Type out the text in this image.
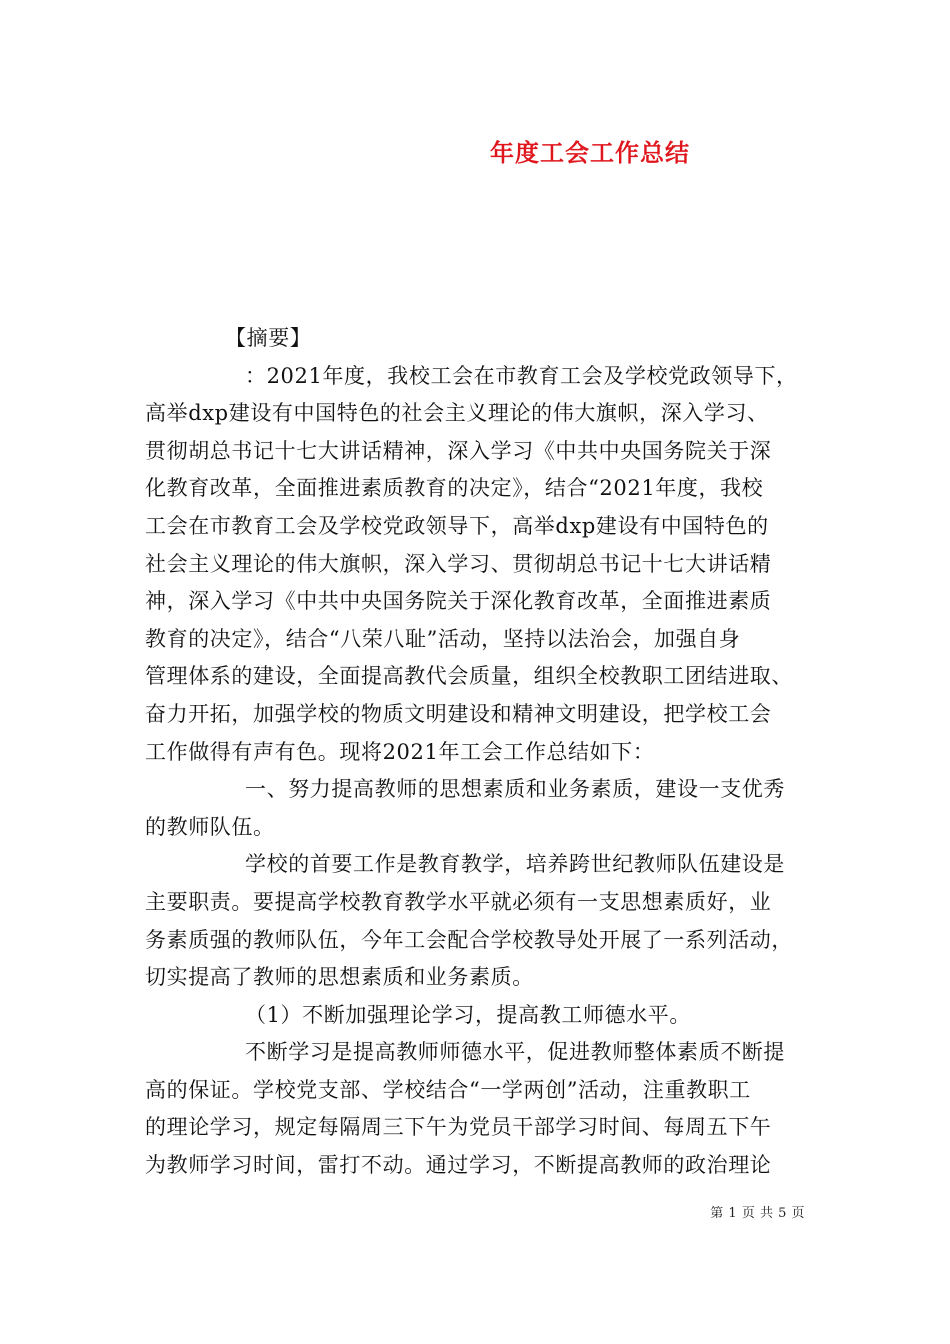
年度工会工作总结
【摘要】
：2021年度，我校工会在市教育工会及学校党政领导下，
高举dxp建设有中国特色的社会主义理论的伟大旗帜，深入学习、
贯彻胡总书记十七大讲话精神，深入学习《中共中央国务院关于深
化教育改革，全面推进素质教育的决定》，结合“2021年度，我校
工会在市教育工会及学校党政领导下，高举dxp建设有中国特色的
社会主义理论的伟大旗帜，深入学习、贯彻胡总书记十七大讲话精
神，深入学习《中共中央国务院关于深化教育改革，全面推进素质
教育的决定》，结合“八荣八耻”活动，坚持以法治会，加强自身
管理体系的建设，全面提高教代会质量，组织全校教职工团结进取、
奋力开拓，加强学校的物质文明建设和精神文明建设，把学校工会
工作做得有声有色。现将2021年工会工作总结如下：
一、努力提高教师的思想素质和业务素质，建设一支优秀
的教师队伍。
学校的首要工作是教育教学，培养跨世纪教师队伍建设是
主要职责。要提高学校教育教学水平就必须有一支思想素质好，业
务素质强的教师队伍，今年工会配合学校教导处开展了一系列活动，
切实提高了教师的思想素质和业务素质。
（1）不断加强理论学习，提高教工师德水平。
不断学习是提高教师师德水平，促进教师整体素质不断提
高的保证。学校党支部、学校结合“一学两创”活动，注重教职工
的理论学习，规定每隔周三下午为党员干部学习时间、每周五下午
为教师学习时间，雷打不动。通过学习，不断提高教师的政治理论
第 1 页 共 5 页
